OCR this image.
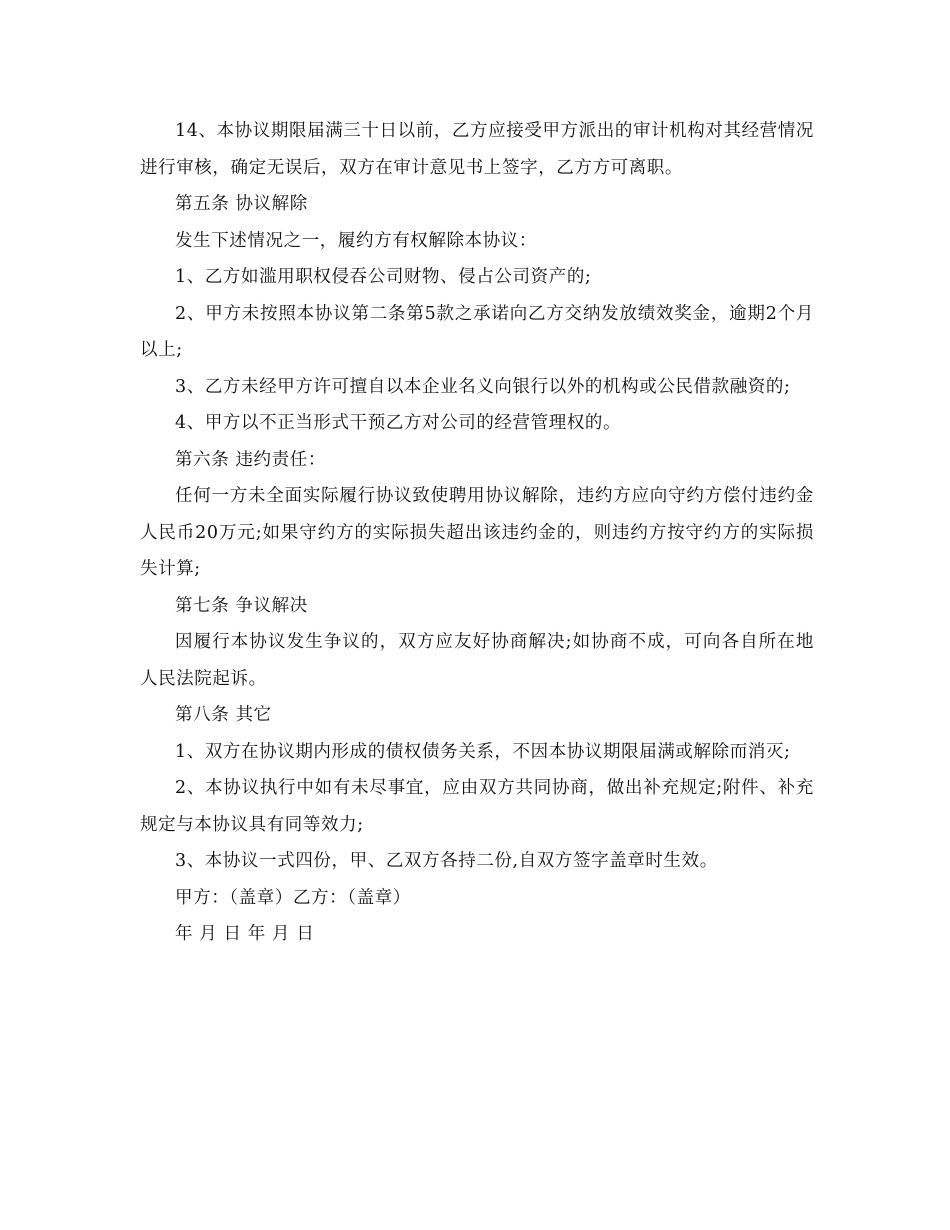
14、本协议期限届满三十日以前，乙方应接受甲方派出的审计机构对其经营情况进行审核，确定无误后，双方在审计意见书上签字，乙方方可离职。

第五条 协议解除

发生下述情况之一，履约方有权解除本协议：

1、乙方如滥用职权侵吞公司财物、侵占公司资产的;

2、甲方未按照本协议第二条第5款之承诺向乙方交纳发放绩效奖金，逾期2个月以上;

3、乙方未经甲方许可擅自以本企业名义向银行以外的机构或公民借款融资的;

4、甲方以不正当形式干预乙方对公司的经营管理权的。

第六条 违约责任：

任何一方未全面实际履行协议致使聘用协议解除，违约方应向守约方偿付违约金人民币20万元;如果守约方的实际损失超出该违约金的，则违约方按守约方的实际损失计算;

第七条 争议解决

因履行本协议发生争议的，双方应友好协商解决;如协商不成，可向各自所在地人民法院起诉。

第八条 其它

1、双方在协议期内形成的债权债务关系，不因本协议期限届满或解除而消灭;

2、本协议执行中如有未尽事宜，应由双方共同协商，做出补充规定;附件、补充规定与本协议具有同等效力;

3、本协议一式四份，甲、乙双方各持二份,自双方签字盖章时生效。

甲方：（盖章）乙方：（盖章）

年 月 日 年 月 日
